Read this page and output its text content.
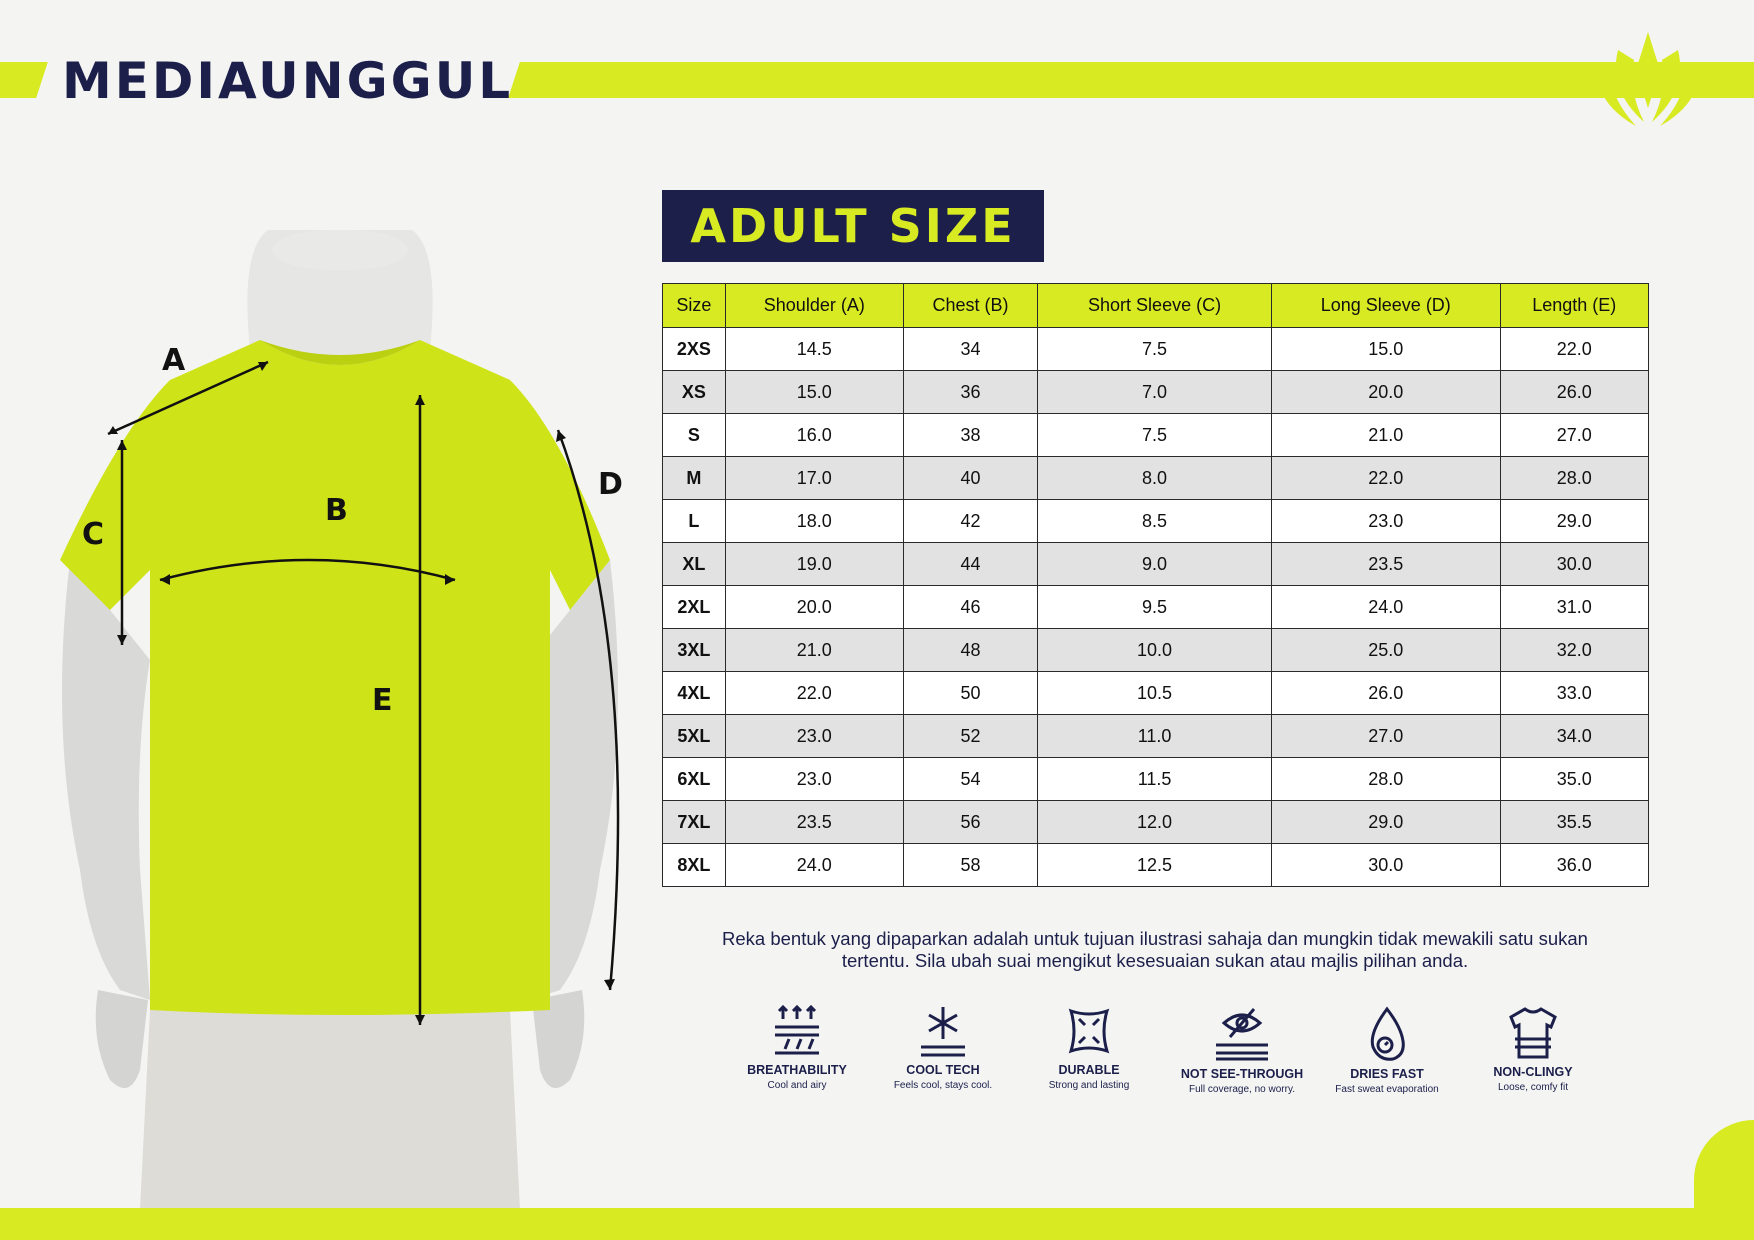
MEDIAUNGGUL
A
C
B
E
D
ADULT SIZE
Size	Shoulder (A)	Chest (B)	Short Sleeve (C)	Long Sleeve (D)	Length (E)
2XS	14.5	34	7.5	15.0	22.0
XS	15.0	36	7.0	20.0	26.0
S	16.0	38	7.5	21.0	27.0
M	17.0	40	8.0	22.0	28.0
L	18.0	42	8.5	23.0	29.0
XL	19.0	44	9.0	23.5	30.0
2XL	20.0	46	9.5	24.0	31.0
3XL	21.0	48	10.0	25.0	32.0
4XL	22.0	50	10.5	26.0	33.0
5XL	23.0	52	11.0	27.0	34.0
6XL	23.0	54	11.5	28.0	35.0
7XL	23.5	56	12.0	29.0	35.5
8XL	24.0	58	12.5	30.0	36.0
Reka bentuk yang dipaparkan adalah untuk tujuan ilustrasi sahaja dan mungkin tidak mewakili satu sukan tertentu. Sila ubah suai mengikut kesesuaian sukan atau majlis pilihan anda.
BREATHABILITY
Cool and airy
COOL TECH
Feels cool, stays cool.
DURABLE
Strong and lasting
NOT SEE-THROUGH
Full coverage, no worry.
DRIES FAST
Fast sweat evaporation
NON-CLINGY
Loose, comfy fit
